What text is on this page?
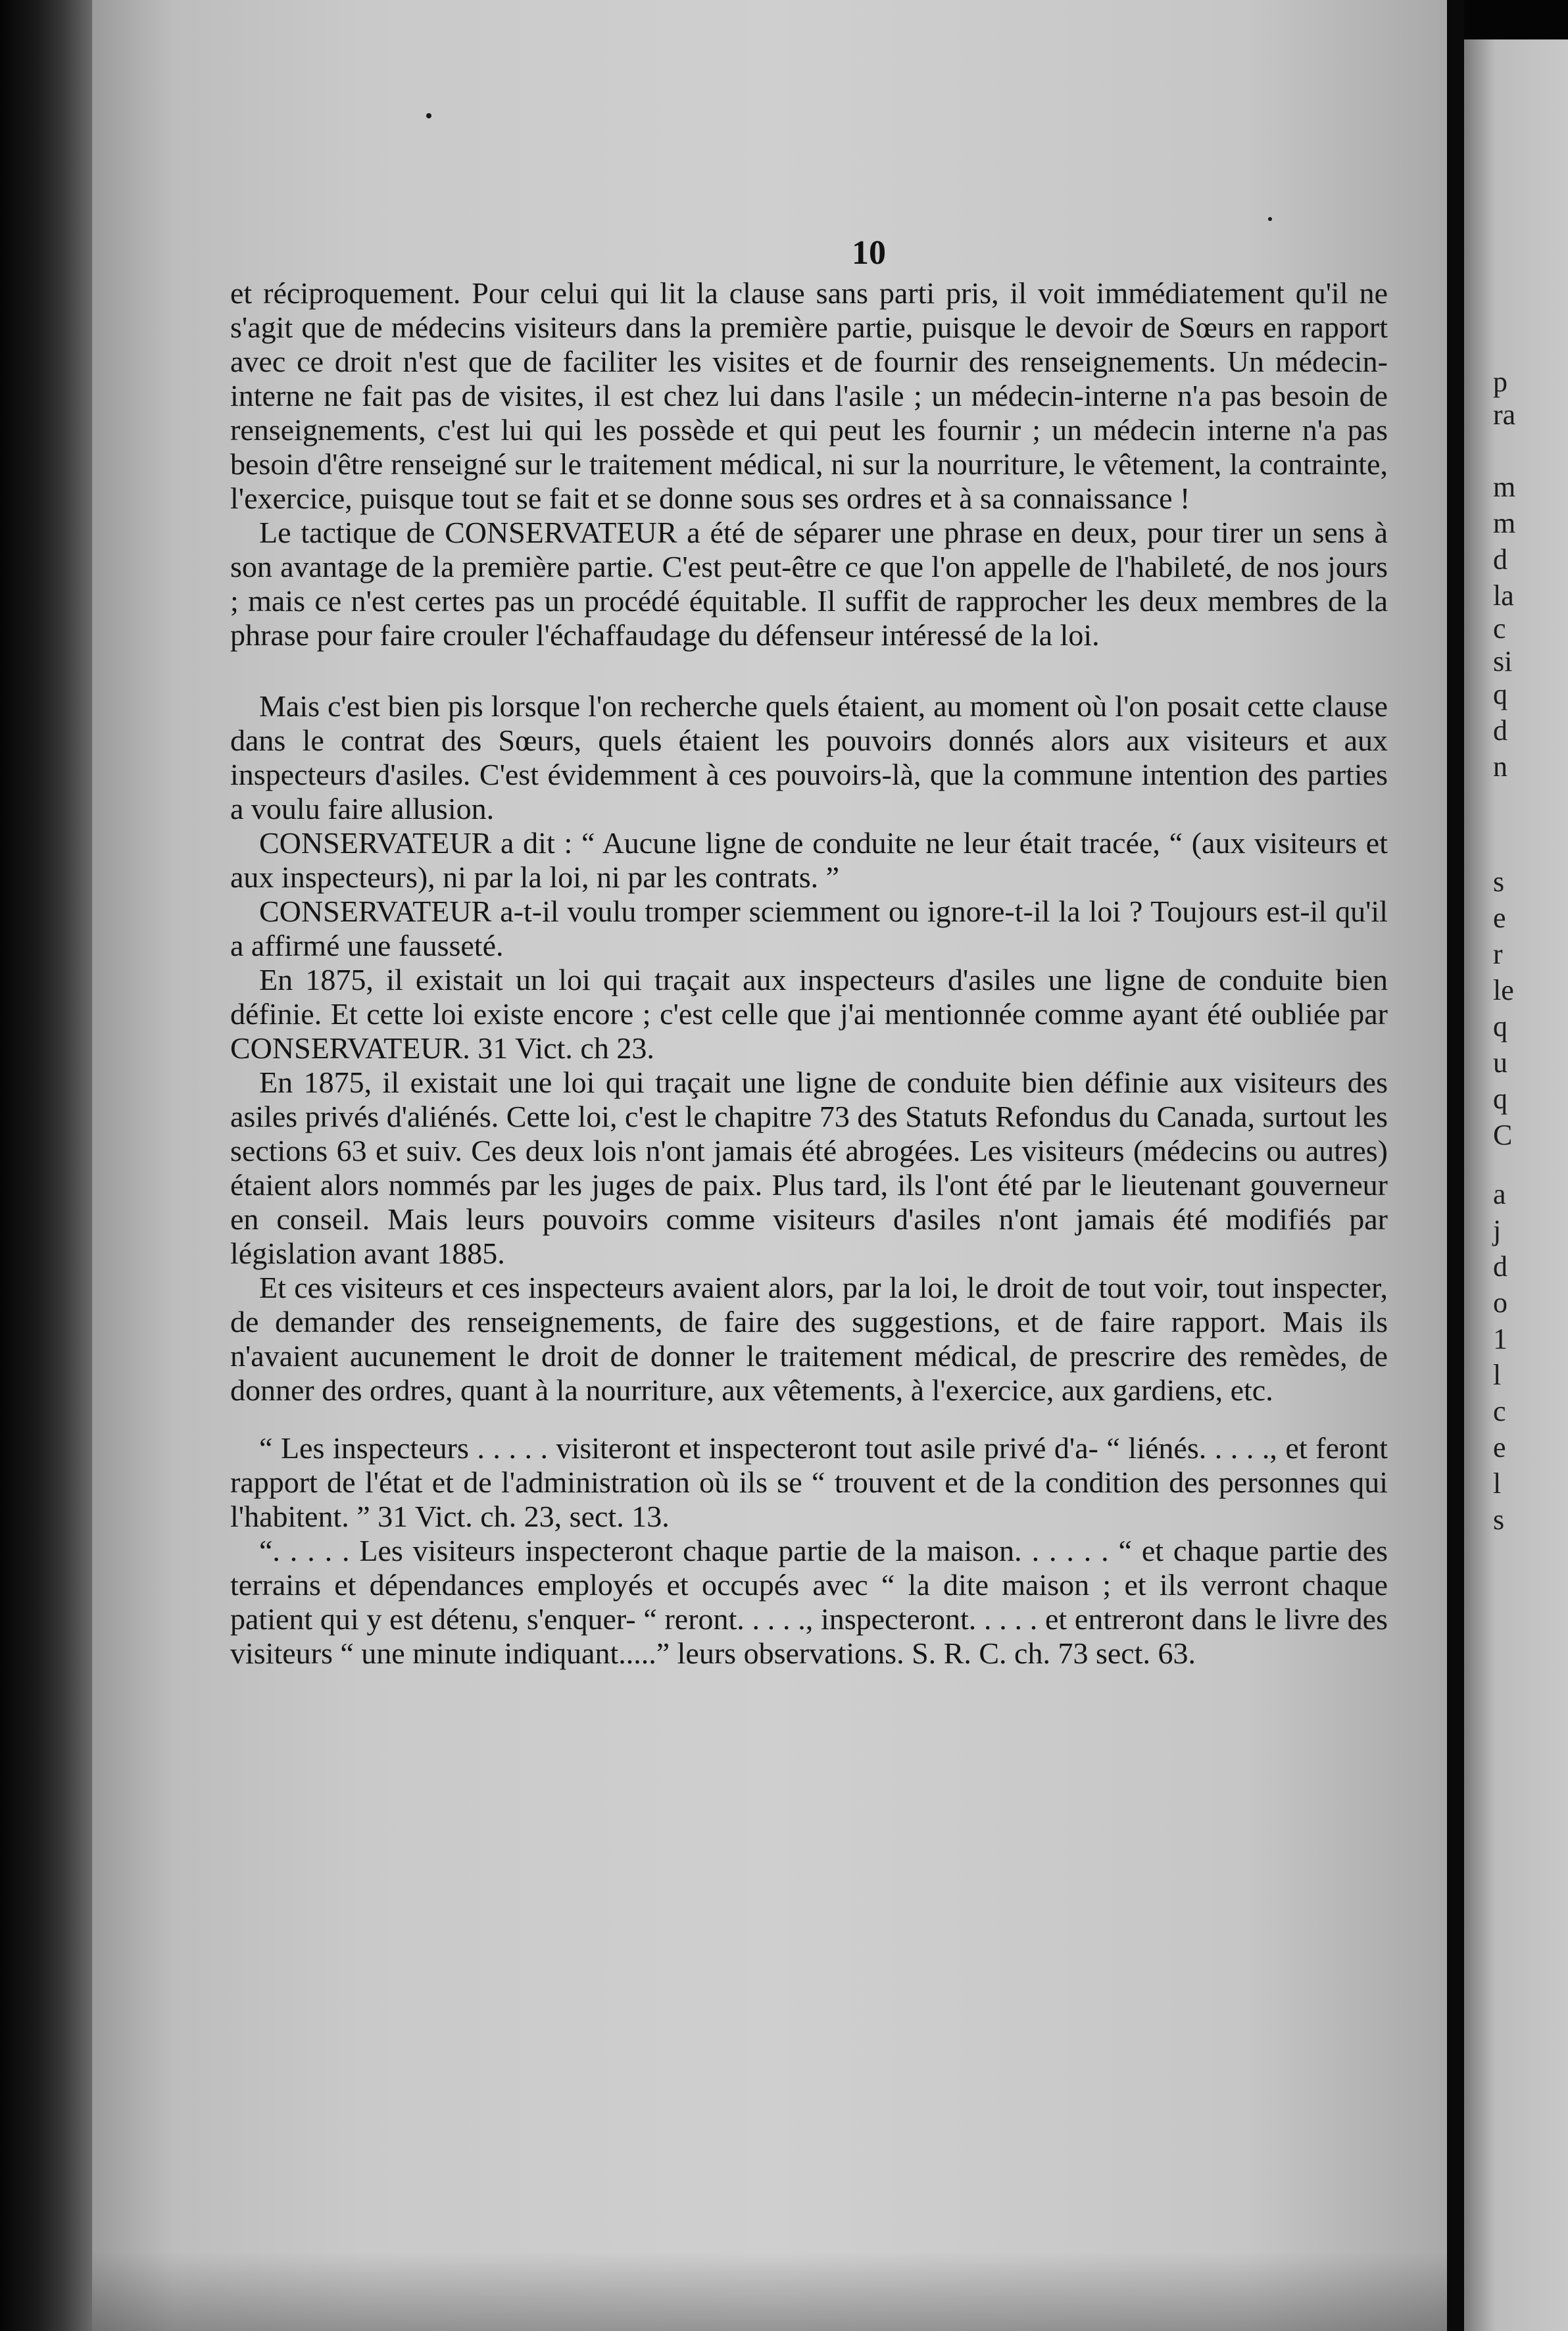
10

et réciproquement. Pour celui qui lit la clause sans parti pris, il voit immédiatement qu'il ne s'agit que de médecins visiteurs dans la première partie, puisque le devoir de Sœurs en rapport avec ce droit n'est que de faciliter les visites et de fournir des renseignements. Un médecin-interne ne fait pas de visites, il est chez lui dans l'asile ; un médecin-interne n'a pas besoin de renseignements, c'est lui qui les possède et qui peut les fournir ; un médecin interne n'a pas besoin d'être renseigné sur le traitement médical, ni sur la nourriture, le vêtement, la contrainte, l'exercice, puisque tout se fait et se donne sous ses ordres et à sa connaissance !

Le tactique de CONSERVATEUR a été de séparer une phrase en deux, pour tirer un sens à son avantage de la première partie. C'est peut-être ce que l'on appelle de l'habileté, de nos jours ; mais ce n'est certes pas un procédé équitable. Il suffit de rapprocher les deux membres de la phrase pour faire crouler l'échaffaudage du défenseur intéressé de la loi.

Mais c'est bien pis lorsque l'on recherche quels étaient, au moment où l'on posait cette clause dans le contrat des Sœurs, quels étaient les pouvoirs donnés alors aux visiteurs et aux inspecteurs d'asiles. C'est évidemment à ces pouvoirs-là, que la commune intention des parties a voulu faire allusion.

CONSERVATEUR a dit : “ Aucune ligne de conduite ne leur était tracée, “ (aux visiteurs et aux inspecteurs), ni par la loi, ni par les contrats. ”

CONSERVATEUR a-t-il voulu tromper sciemment ou ignore-t-il la loi ? Toujours est-il qu'il a affirmé une fausseté.

En 1875, il existait un loi qui traçait aux inspecteurs d'asiles une ligne de conduite bien définie. Et cette loi existe encore ; c'est celle que j'ai mentionnée comme ayant été oubliée par CONSERVATEUR. 31 Vict. ch 23.

En 1875, il existait une loi qui traçait une ligne de conduite bien définie aux visiteurs des asiles privés d'aliénés. Cette loi, c'est le chapitre 73 des Statuts Refondus du Canada, surtout les sections 63 et suiv. Ces deux lois n'ont jamais été abrogées. Les visiteurs (médecins ou autres) étaient alors nommés par les juges de paix. Plus tard, ils l'ont été par le lieutenant gouverneur en conseil. Mais leurs pouvoirs comme visiteurs d'asiles n'ont jamais été modifiés par législation avant 1885.

Et ces visiteurs et ces inspecteurs avaient alors, par la loi, le droit de tout voir, tout inspecter, de demander des renseignements, de faire des suggestions, et de faire rapport. Mais ils n'avaient aucunement le droit de donner le traitement médical, de prescrire des remèdes, de donner des ordres, quant à la nourriture, aux vêtements, à l'exercice, aux gardiens, etc.

“ Les inspecteurs . . . . . visiteront et inspecteront tout asile privé d'a- “ liénés. . . . ., et feront rapport de l'état et de l'administration où ils se “ trouvent et de la condition des personnes qui l'habitent. ” 31 Vict. ch. 23, sect. 13.

“. . . . . Les visiteurs inspecteront chaque partie de la maison. . . . . . “ et chaque partie des terrains et dépendances employés et occupés avec “ la dite maison ; et ils verront chaque patient qui y est détenu, s'enquer- “ reront. . . . ., inspecteront. . . . . et entreront dans le livre des visiteurs “ une minute indiquant.....” leurs observations. S. R. C. ch. 73 sect. 63.

p
ra
m
m
d
la
c
si
q
d
n
s
e
r
le
q
u
q
C
a
j
d
o
1
l
c
e
l
s
